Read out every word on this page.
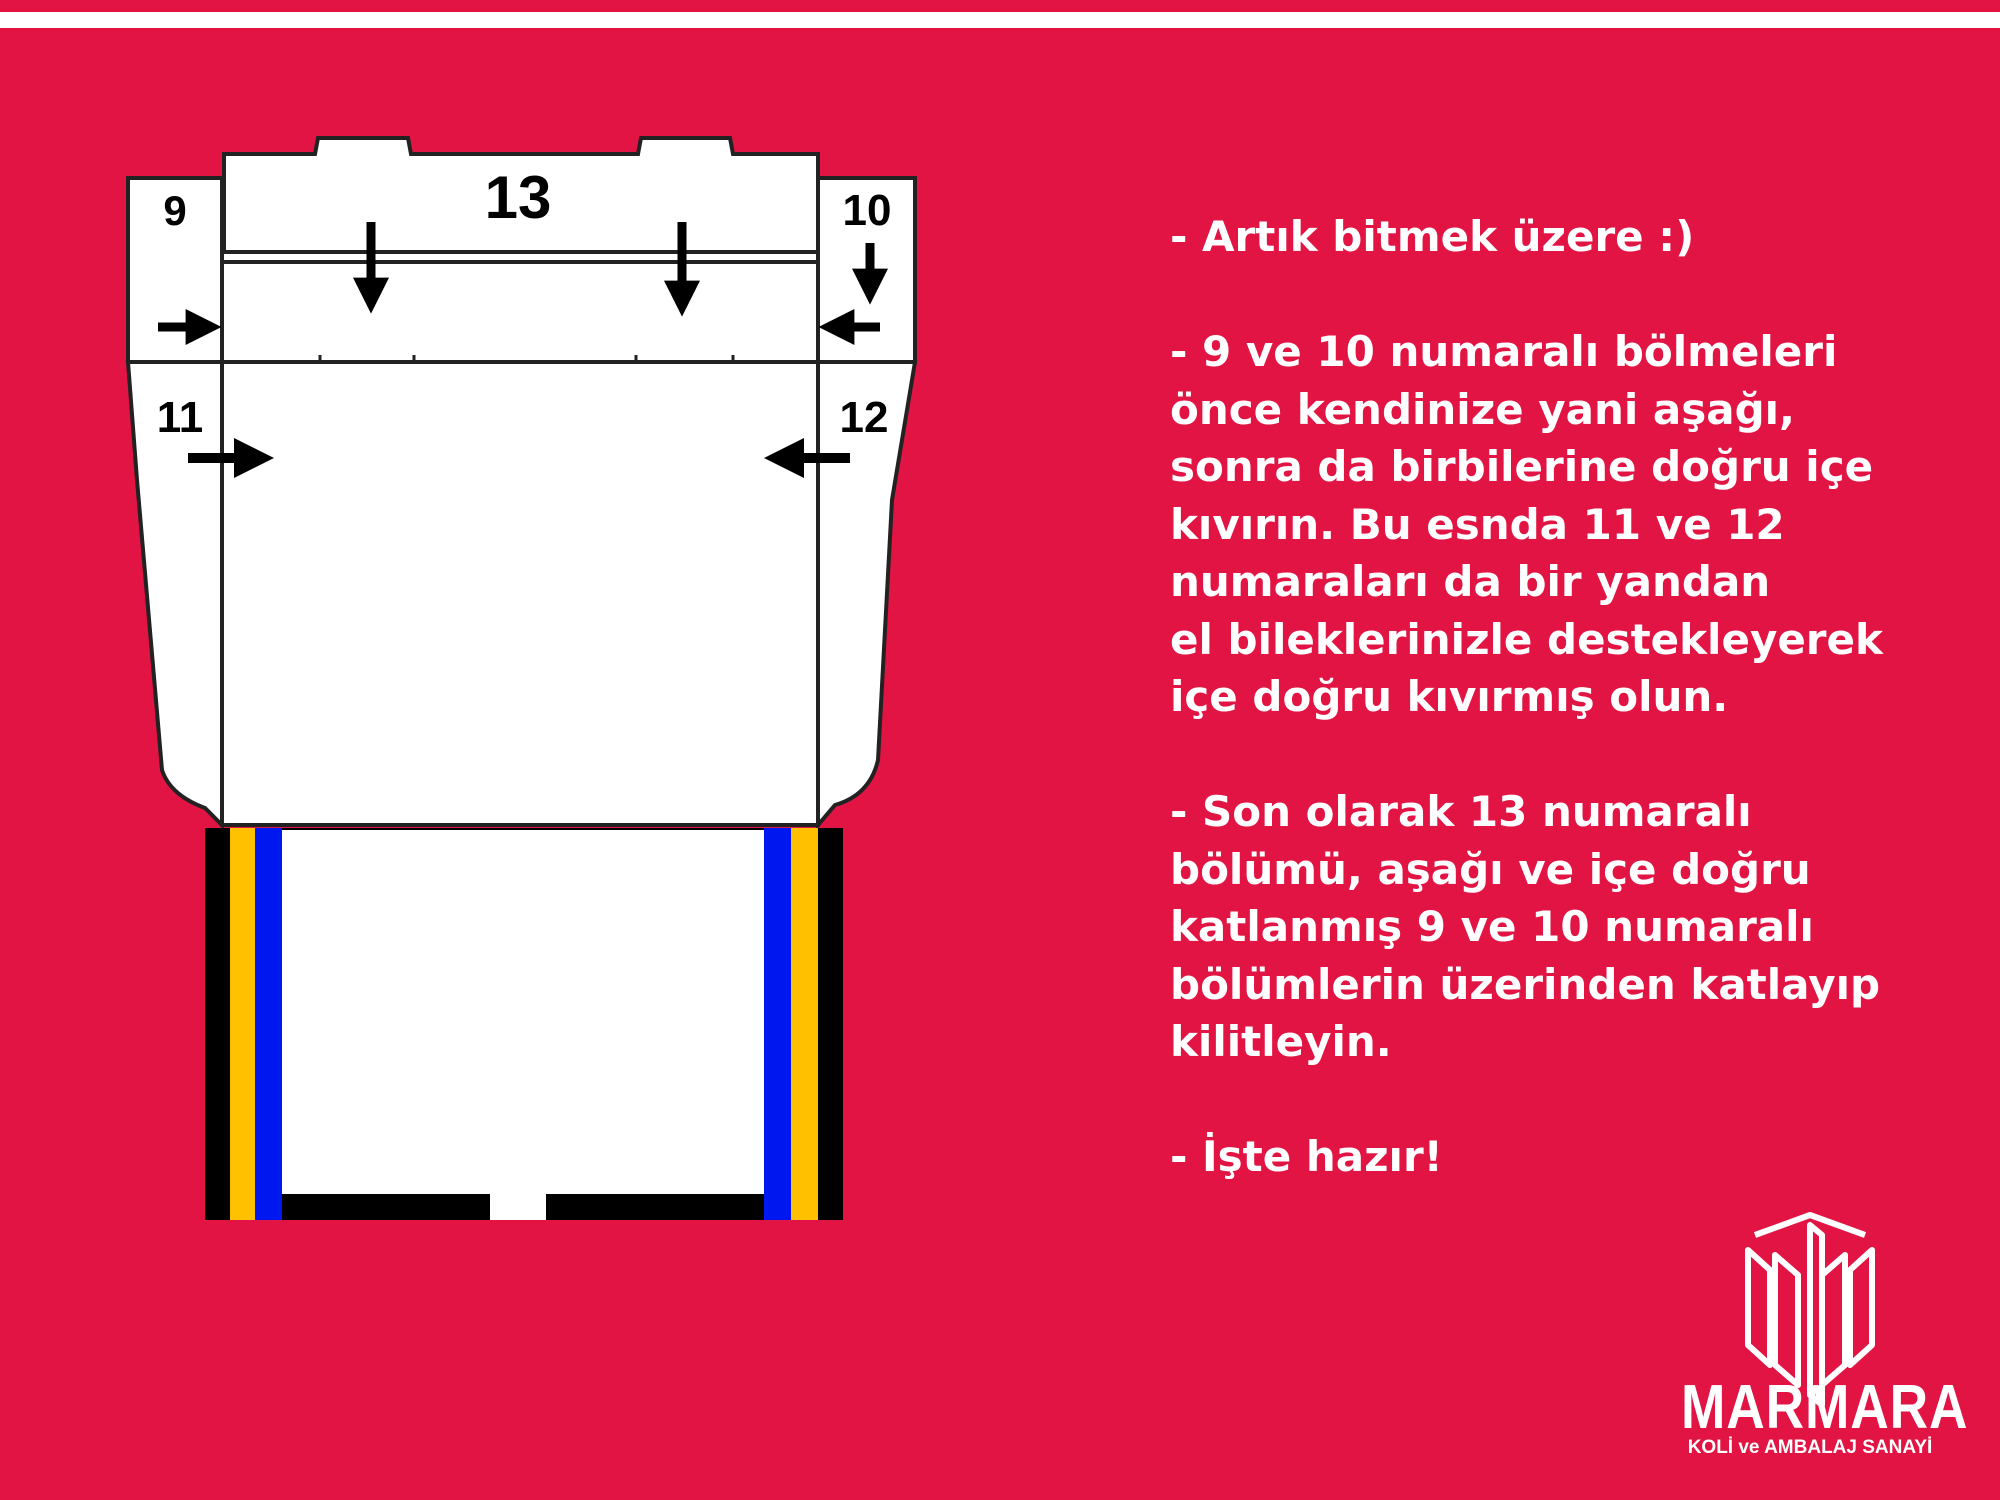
9	10
11	12
13

- Artık bitmek üzere :)

- 9 ve 10 numaralı bölmeleri

önce kendinize yani aşağı,

sonra da birbilerine doğru içe

kıvırın. Bu esnda 11 ve 12

numaraları da bir yandan

el bileklerinizle destekleyerek

içe doğru kıvırmış olun.

- Son olarak 13 numaralı

bölümü, aşağı ve içe doğru

katlanmış 9 ve 10 numaralı

bölümlerin üzerinden katlayıp

kilitleyin.

- İşte hazır!

MARMARA
KOLİ ve AMBALAJ SANAYİ
